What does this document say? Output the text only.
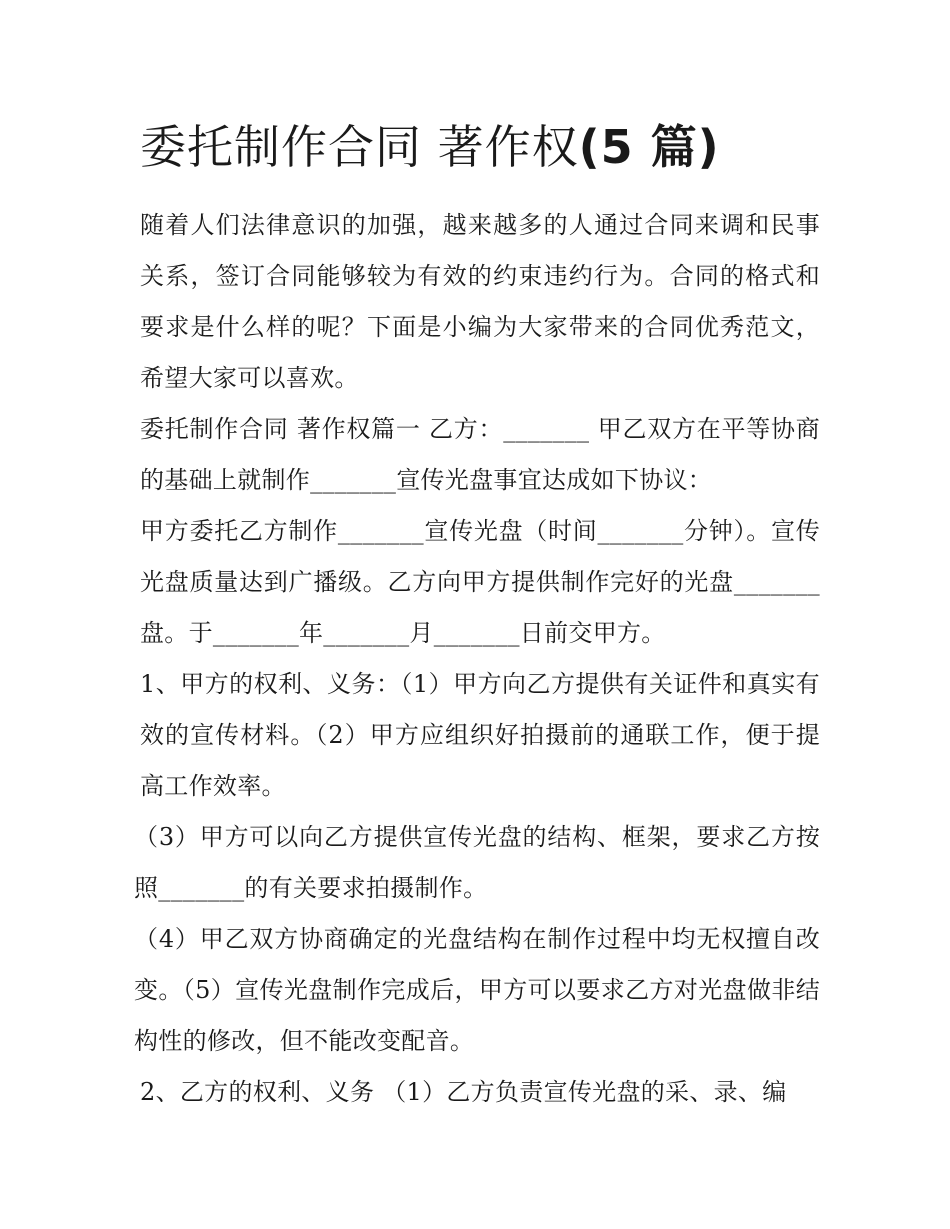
委托制作合同 著作权(5 篇)

随着人们法律意识的加强，越来越多的人通过合同来调和民事关系，签订合同能够较为有效的约束违约行为。合同的格式和要求是什么样的呢？下面是小编为大家带来的合同优秀范文，希望大家可以喜欢。

委托制作合同 著作权篇一 乙方：_______ 甲乙双方在平等协商的基础上就制作_______宣传光盘事宜达成如下协议：

甲方委托乙方制作_______宣传光盘（时间_______分钟）。宣传光盘质量达到广播级。乙方向甲方提供制作完好的光盘_______盘。于_______年_______月_______日前交甲方。

1、甲方的权利、义务：（1）甲方向乙方提供有关证件和真实有效的宣传材料。（2）甲方应组织好拍摄前的通联工作，便于提高工作效率。

（3）甲方可以向乙方提供宣传光盘的结构、框架，要求乙方按照_______的有关要求拍摄制作。

（4）甲乙双方协商确定的光盘结构在制作过程中均无权擅自改变。（5）宣传光盘制作完成后，甲方可以要求乙方对光盘做非结构性的修改，但不能改变配音。

2、乙方的权利、义务 （1）乙方负责宣传光盘的采、录、编
